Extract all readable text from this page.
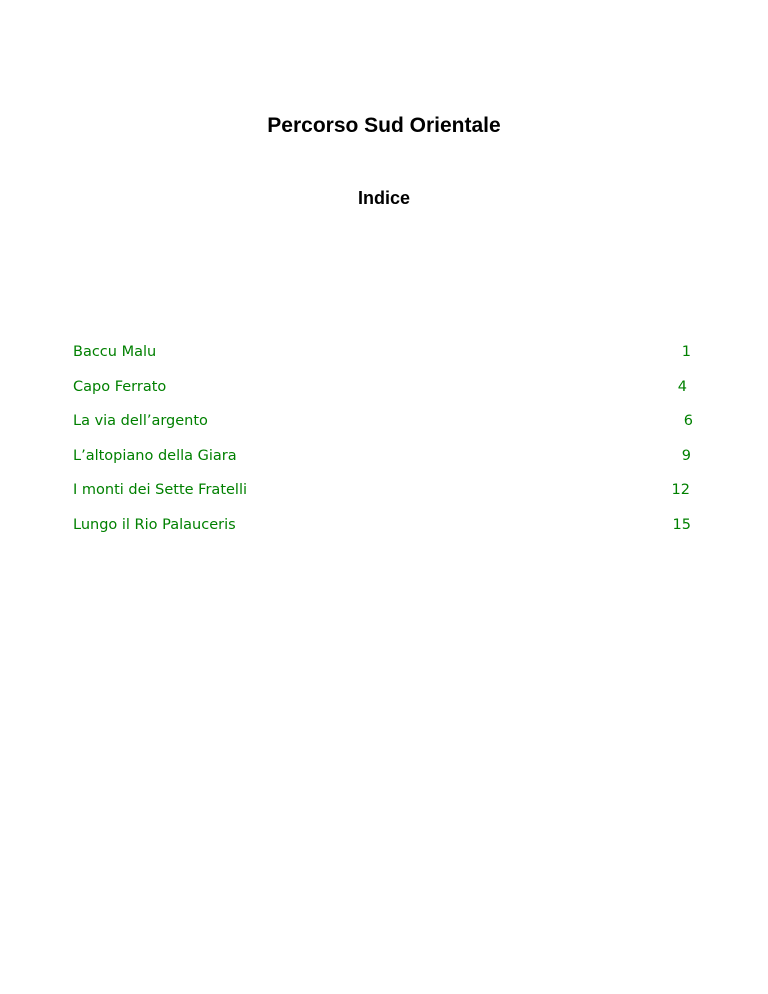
Percorso Sud Orientale
Indice
Baccu Malu	1
Capo Ferrato	4
La via dell’argento	6
L’altopiano della Giara	9
I monti dei Sette Fratelli	12
Lungo il Rio Palauceris	15
